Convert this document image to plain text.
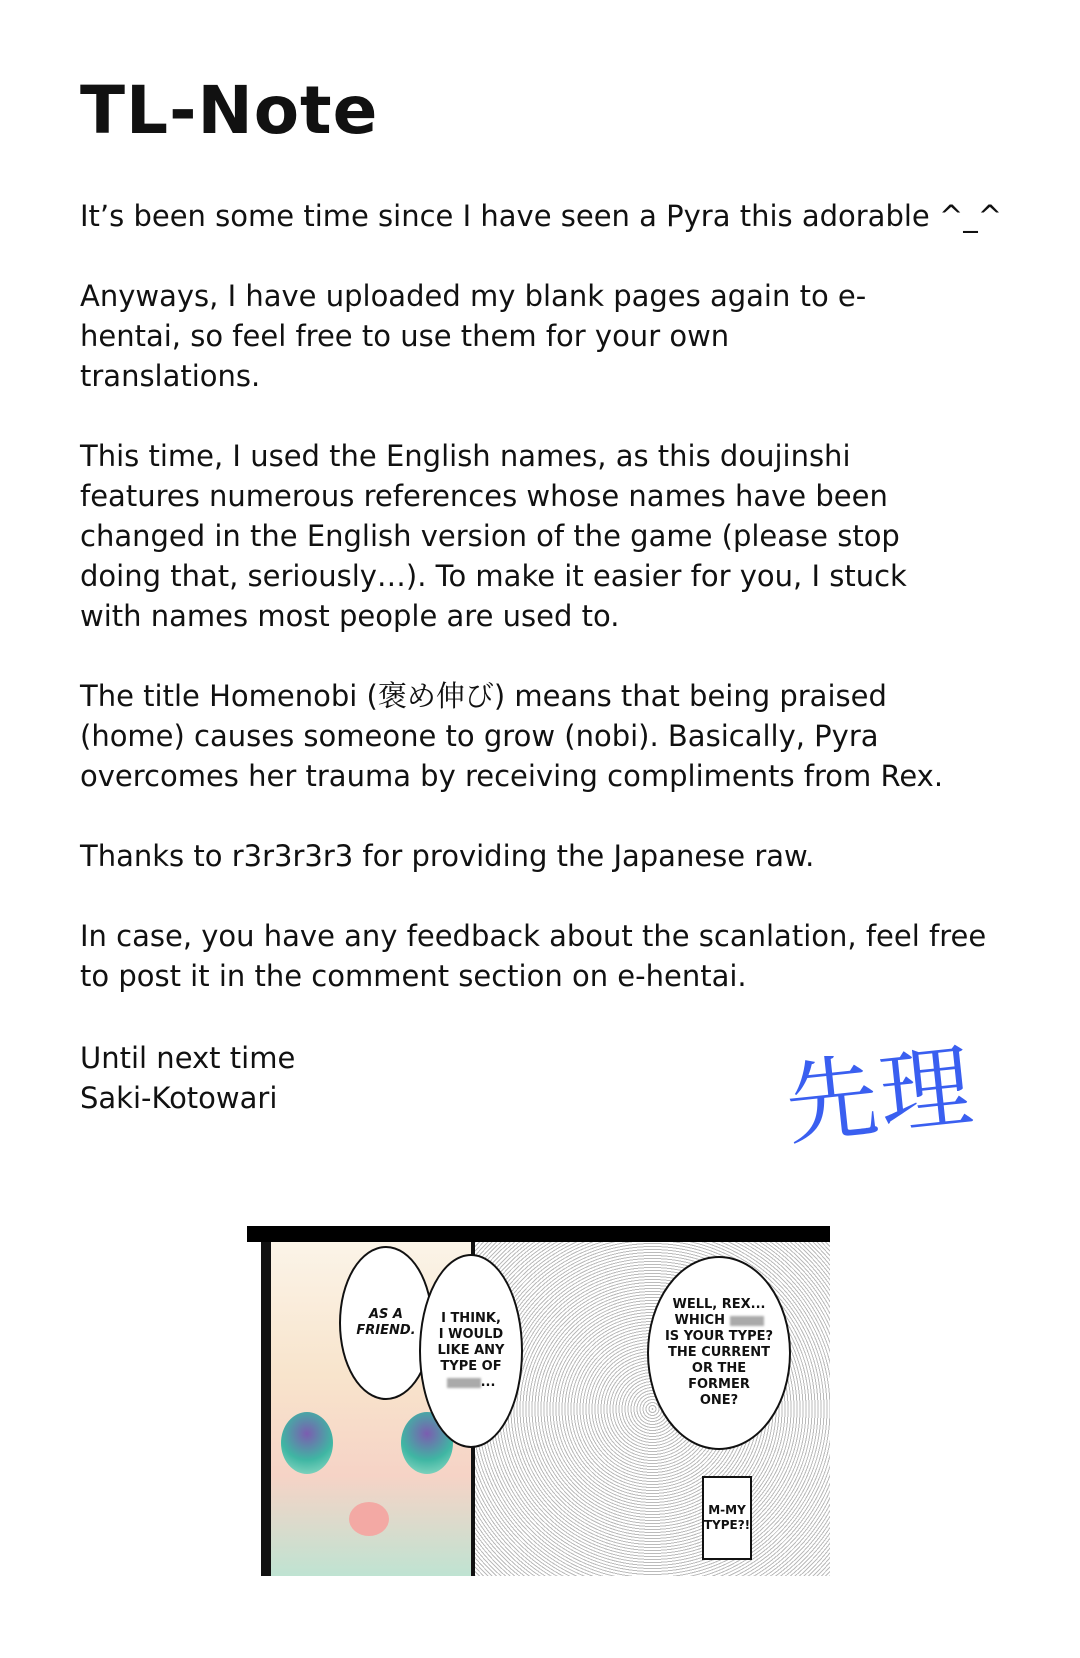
TL-Note

It’s been some time since I have seen a Pyra this adorable ^_^

Anyways, I have uploaded my blank pages again to e-hentai, so feel free to use them for your own translations.

This time, I used the English names, as this doujinshi features numerous references whose names have been changed in the English version of the game (please stop doing that, seriously…). To make it easier for you, I stuck with names most people are used to.

The title Homenobi (褒め伸び) means that being praised (home) causes someone to grow (nobi). Basically, Pyra overcomes her trauma by receiving compliments from Rex.

Thanks to r3r3r3r3 for providing the Japanese raw.

In case, you have any feedback about the scanlation, feel free to post it in the comment section on e-hentai.

Until next time
Saki-Kotowari	先理
AS A
FRIEND.
I THINK,
I WOULD
LIKE ANY
TYPE OF
...
WELL, REX...
WHICH
IS YOUR TYPE?
THE CURRENT
OR THE
FORMER
ONE?
M-MY
TYPE?!
